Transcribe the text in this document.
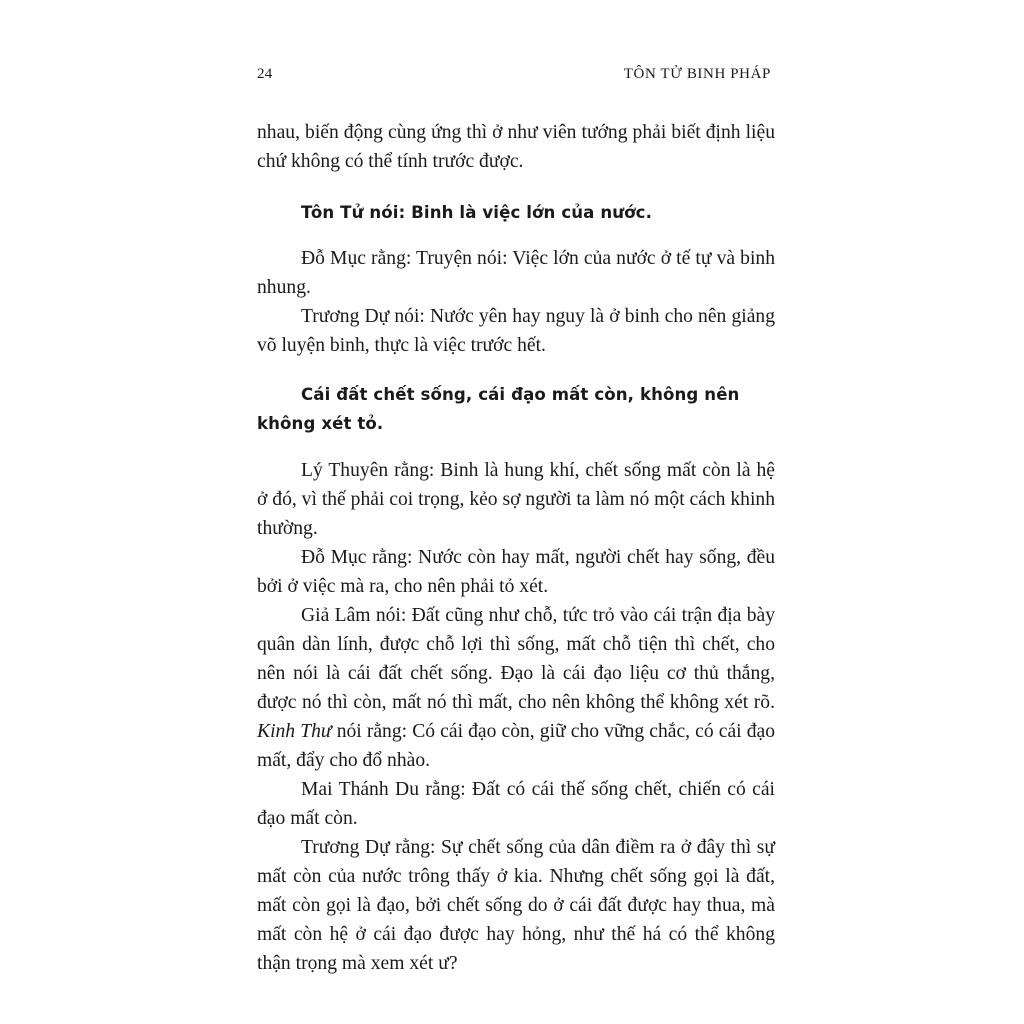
24	TÔN TỬ BINH PHÁP

nhau, biến động cùng ứng thì ở như viên tướng phải biết định liệu chứ không có thể tính trước được.

Tôn Tử nói: Binh là việc lớn của nước.

Đỗ Mục rằng: Truyện nói: Việc lớn của nước ở tế tự và binh nhung.

Trương Dự nói: Nước yên hay nguy là ở binh cho nên giảng võ luyện binh, thực là việc trước hết.

Cái đất chết sống, cái đạo mất còn, không nên không xét tỏ.

Lý Thuyên rằng: Binh là hung khí, chết sống mất còn là hệ ở đó, vì thế phải coi trọng, kẻo sợ người ta làm nó một cách khinh thường.

Đỗ Mục rằng: Nước còn hay mất, người chết hay sống, đều bởi ở việc mà ra, cho nên phải tỏ xét.

Giả Lâm nói: Đất cũng như chỗ, tức trỏ vào cái trận địa bày quân dàn lính, được chỗ lợi thì sống, mất chỗ tiện thì chết, cho nên nói là cái đất chết sống. Đạo là cái đạo liệu cơ thủ thắng, được nó thì còn, mất nó thì mất, cho nên không thể không xét rõ. Kinh Thư nói rằng: Có cái đạo còn, giữ cho vững chắc, có cái đạo mất, đẩy cho đổ nhào.

Mai Thánh Du rằng: Đất có cái thế sống chết, chiến có cái đạo mất còn.

Trương Dự rằng: Sự chết sống của dân điềm ra ở đây thì sự mất còn của nước trông thấy ở kia. Nhưng chết sống gọi là đất, mất còn gọi là đạo, bởi chết sống do ở cái đất được hay thua, mà mất còn hệ ở cái đạo được hay hỏng, như thế há có thể không thận trọng mà xem xét ư?
